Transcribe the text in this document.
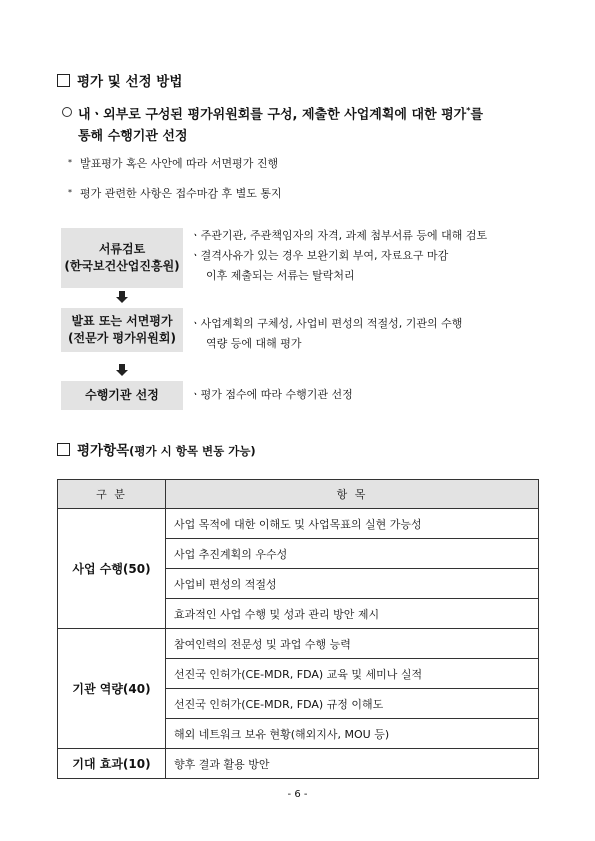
평가 및 선정 방법
내ㆍ외부로 구성된 평가위원회를 구성, 제출한 사업계획에 대한 평가*를
통해 수행기관 선정
* 발표평가 혹은 사안에 따라 서면평가 진행
* 평가 관련한 사항은 접수마감 후 별도 통지
서류검토
(한국보건산업진흥원)
ㆍ주관기관, 주관책임자의 자격, 과제 첨부서류 등에 대해 검토
ㆍ결격사유가 있는 경우 보완기회 부여, 자료요구 마감
이후 제출되는 서류는 탈락처리
발표 또는 서면평가
(전문가 평가위원회)
ㆍ사업계획의 구체성, 사업비 편성의 적절성, 기관의 수행
역량 등에 대해 평가
수행기관 선정	ㆍ평가 점수에 따라 수행기관 선정
평가항목(평가 시 항목 변동 가능)
구 분	항 목
사업 수행(50)	사업 목적에 대한 이해도 및 사업목표의 실현 가능성
	사업 추진계획의 우수성
	사업비 편성의 적절성
	효과적인 사업 수행 및 성과 관리 방안 제시
기관 역량(40)	참여인력의 전문성 및 과업 수행 능력
	선진국 인허가(CE-MDR, FDA) 교육 및 세미나 실적
	선진국 인허가(CE-MDR, FDA) 규정 이해도
	해외 네트워크 보유 현황(해외지사, MOU 등)
기대 효과(10)	향후 결과 활용 방안
- 6 -
